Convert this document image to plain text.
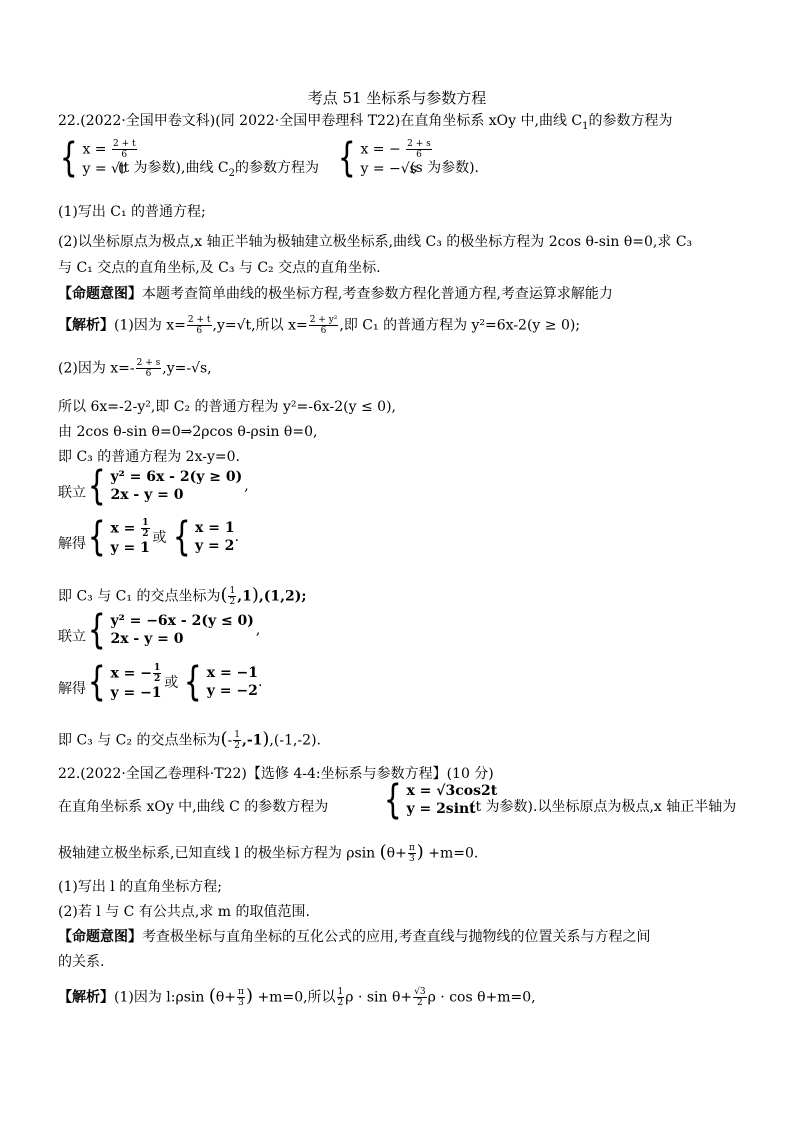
考点 51 坐标系与参数方程
22.(2022·全国甲卷文科)(同 2022·全国甲卷理科 T22)在直角坐标系 xOy 中,曲线 $C_1$的参数方程为
{ $x = \frac{2 + t}{6}$
y = √t
(t 为参数),曲线 $C_2$的参数方程为 { x = − $\frac{2 + s}{6}$
y = −√s
(s 为参数).
(1)写出 C₁ 的普通方程;
(2)以坐标原点为极点,x 轴正半轴为极轴建立极坐标系,曲线 C₃ 的极坐标方程为 2cos θ-sin θ=0,求 C₃
与 C₁ 交点的直角坐标,及 C₃ 与 C₂ 交点的直角坐标.
【命题意图】本题考查简单曲线的极坐标方程,考查参数方程化普通方程,考查运算求解能力
【解析】(1)因为 $x= \frac{2 + t}{6} ,y=√t$,所以 $x= \frac{\text{2 + y²}}{6}$ ,即 C₁ 的普通方程为 y²=6x-2(y ≥ 0);
(2)因为 $x=- \frac{2 + s}{6} ,y=-√s$,
所以 6x=-2-y²,即 C₂ 的普通方程为 y²=-6x-2(y ≤ 0),
由 2cos θ-sin θ=0⇒2ρcos θ-ρsin θ=0,
即 C₃ 的普通方程为 2x-y=0.
联立 { y² = 6x - 2(y ≥ 0)
2x - y = 0
,
解得 { $x = \frac{1}{2}$
y = 1
或 { x = 1
y = 2
.
即 C₃ 与 C₁ 的交点坐标为( $\frac{1}{2} ,1),(1,2)$;
联立 { y² = −6x - 2(y ≤ 0)
2x - y = 0
,
解得 { x = − $\frac{1}{2}$
y = −1
或 { x = −1
y = −2
.
即 C₃ 与 C₂ 的交点坐标为(- $\frac{1}{2} ,-1),(-1,-2)$.
22.(2022·全国乙卷理科·T22)【选修 4-4:坐标系与参数方程】(10 分)
在直角坐标系 xOy 中,曲线 C 的参数方程为 { x = √3cos2t
y = 2sint
(t 为参数).以坐标原点为极点,x 轴正半轴为
极轴建立极坐标系,已知直线 l 的极坐标方程为 ρsin ($\theta+ \frac{\pi}{3}$ ) +m=0.
(1)写出 l 的直角坐标方程;
(2)若 l 与 C 有公共点,求 m 的取值范围.
【命题意图】考查极坐标与直角坐标的互化公式的应用,考查直线与抛物线的位置关系与方程之间
的关系.
【解析】(1)因为 l:ρsin ($\theta+ \frac{\pi}{3}$ ) +m=0,所以 $\frac{1}{2}$ $\rho \cdot \sin \theta+ \frac{√3}{2}$ ρ · cos θ+m=0,
